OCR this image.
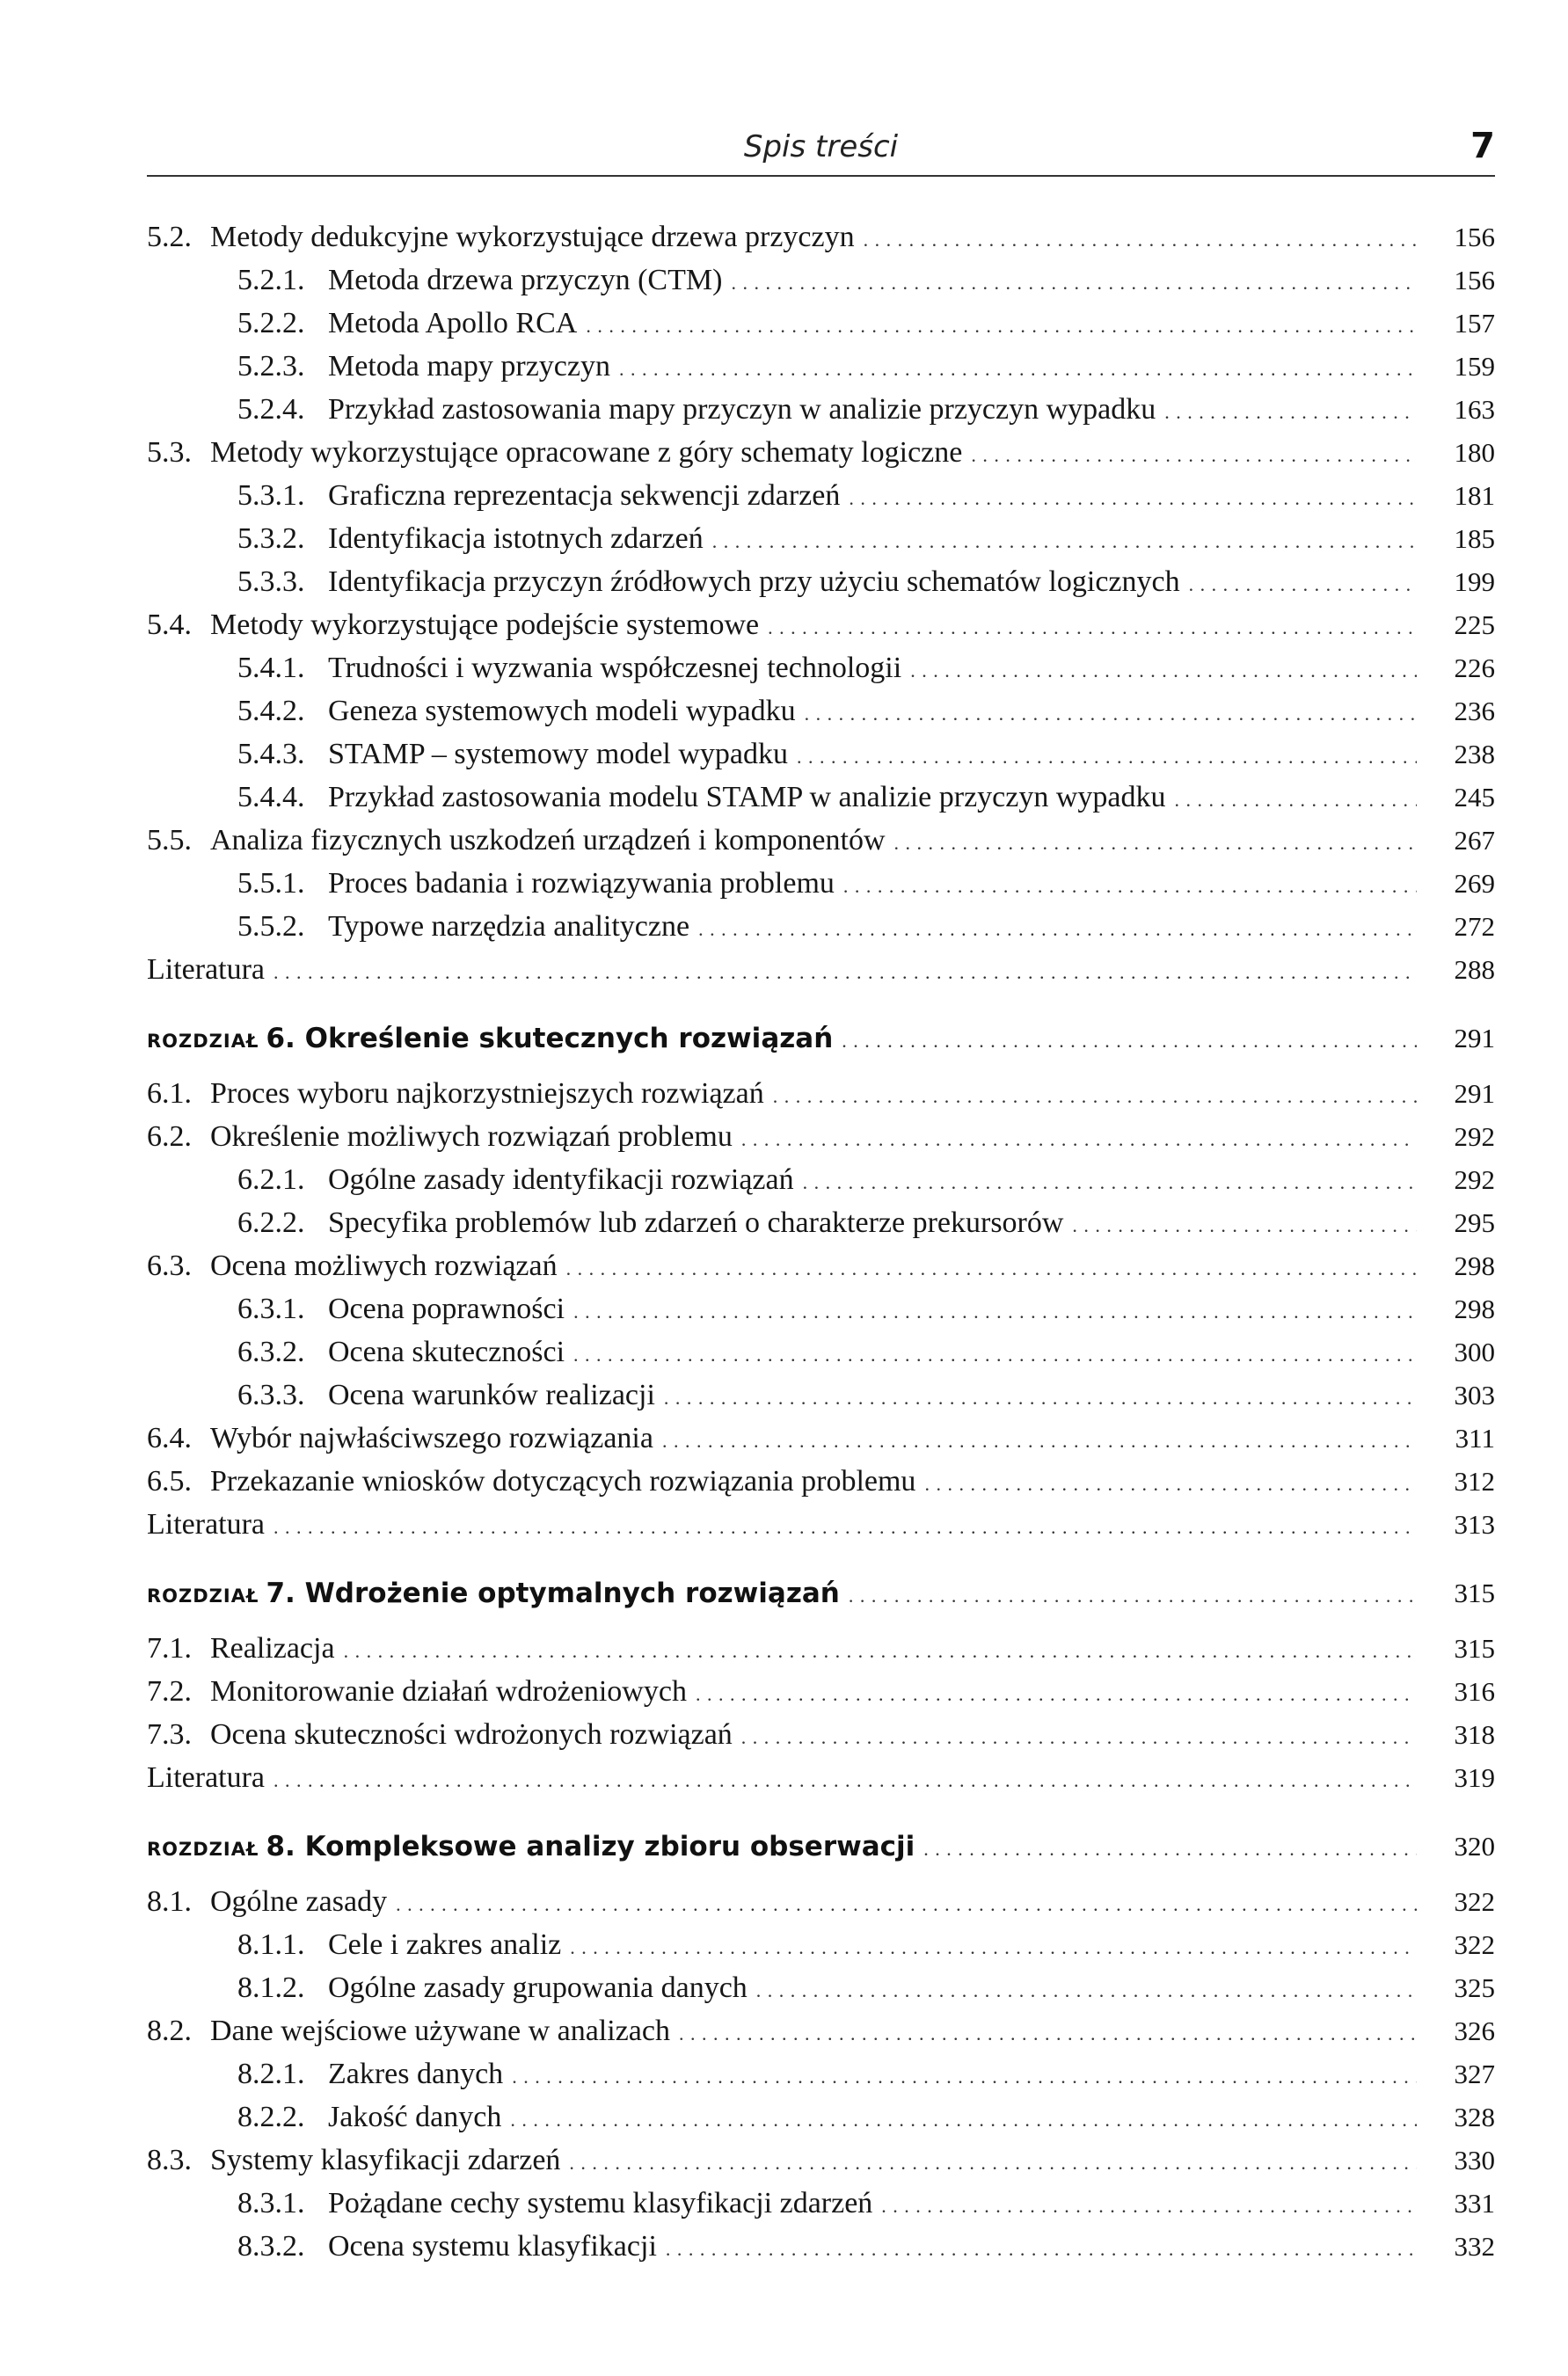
Spis treści	7
5.2. Metody dedukcyjne wykorzystujące drzewa przyczyn . . .	156
5.2.1. Metoda drzewa przyczyn (CTM) . . .	156
5.2.2. Metoda Apollo RCA . . .	157
5.2.3. Metoda mapy przyczyn . . .	159
5.2.4. Przykład zastosowania mapy przyczyn w analizie przyczyn wypadku . . .	163
5.3. Metody wykorzystujące opracowane z góry schematy logiczne . . .	180
5.3.1. Graficzna reprezentacja sekwencji zdarzeń . . .	181
5.3.2. Identyfikacja istotnych zdarzeń . . .	185
5.3.3. Identyfikacja przyczyn źródłowych przy użyciu schematów logicznych . . .	199
5.4. Metody wykorzystujące podejście systemowe . . .	225
5.4.1. Trudności i wyzwania współczesnej technologii . . .	226
5.4.2. Geneza systemowych modeli wypadku . . .	236
5.4.3. STAMP – systemowy model wypadku . . .	238
5.4.4. Przykład zastosowania modelu STAMP w analizie przyczyn wypadku . . .	245
5.5. Analiza fizycznych uszkodzeń urządzeń i komponentów . . .	267
5.5.1. Proces badania i rozwiązywania problemu . . .	269
5.5.2. Typowe narzędzia analityczne . . .	272
Literatura . . .	288
ROZDZIAŁ 6. Określenie skutecznych rozwiązań . . .	291
6.1. Proces wyboru najkorzystniejszych rozwiązań . . .	291
6.2. Określenie możliwych rozwiązań problemu . . .	292
6.2.1. Ogólne zasady identyfikacji rozwiązań . . .	292
6.2.2. Specyfika problemów lub zdarzeń o charakterze prekursorów . . .	295
6.3. Ocena możliwych rozwiązań . . .	298
6.3.1. Ocena poprawności . . .	298
6.3.2. Ocena skuteczności . . .	300
6.3.3. Ocena warunków realizacji . . .	303
6.4. Wybór najwłaściwszego rozwiązania . . .	311
6.5. Przekazanie wniosków dotyczących rozwiązania problemu . . .	312
Literatura . . .	313
ROZDZIAŁ 7. Wdrożenie optymalnych rozwiązań . . .	315
7.1. Realizacja . . .	315
7.2. Monitorowanie działań wdrożeniowych . . .	316
7.3. Ocena skuteczności wdrożonych rozwiązań . . .	318
Literatura . . .	319
ROZDZIAŁ 8. Kompleksowe analizy zbioru obserwacji . . .	320
8.1. Ogólne zasady . . .	322
8.1.1. Cele i zakres analiz . . .	322
8.1.2. Ogólne zasady grupowania danych . . .	325
8.2. Dane wejściowe używane w analizach . . .	326
8.2.1. Zakres danych . . .	327
8.2.2. Jakość danych . . .	328
8.3. Systemy klasyfikacji zdarzeń . . .	330
8.3.1. Pożądane cechy systemu klasyfikacji zdarzeń . . .	331
8.3.2. Ocena systemu klasyfikacji . . .	332
